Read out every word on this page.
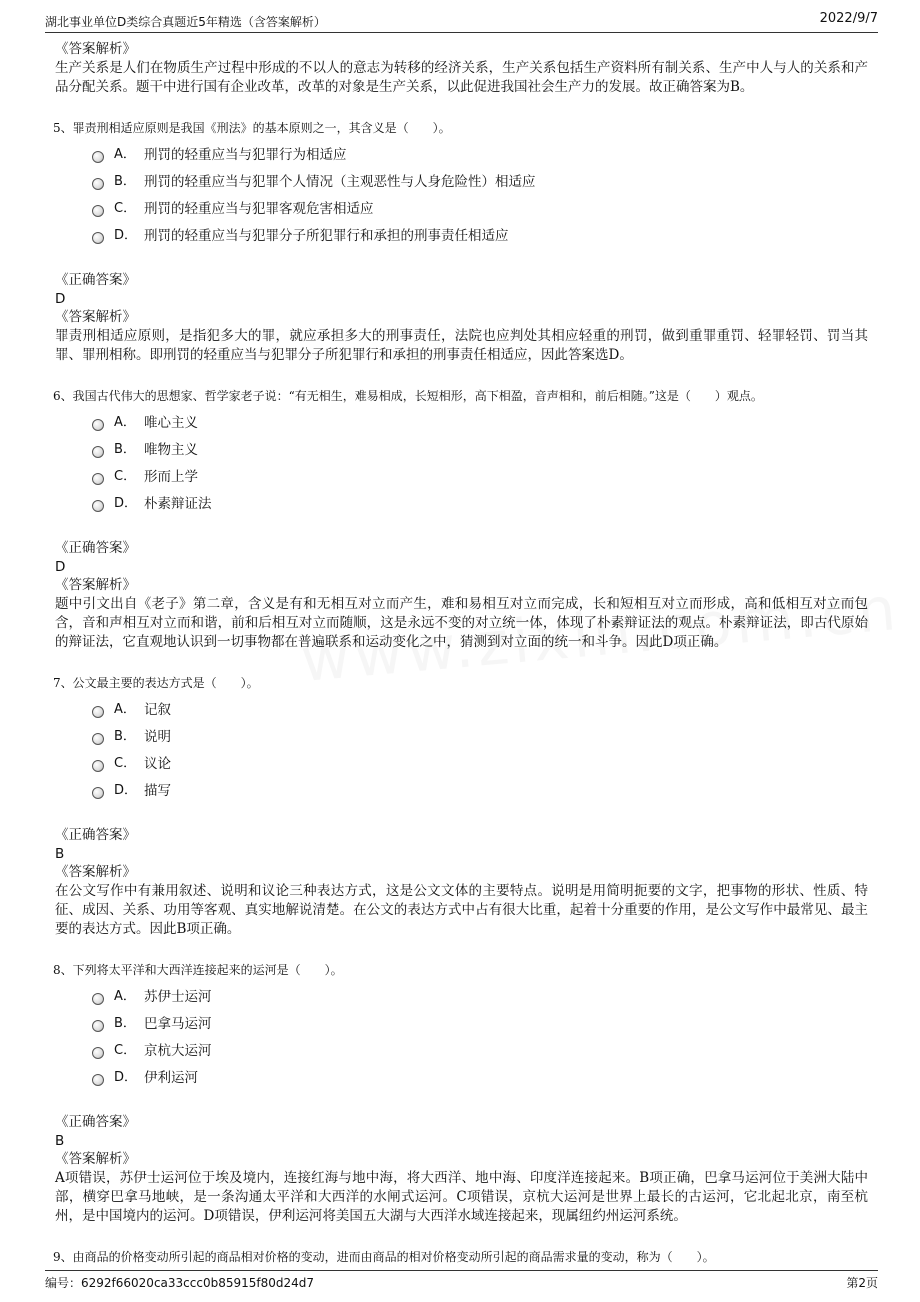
湖北事业单位D类综合真题近5年精选（含答案解析）	2022/9/7

《答案解析》

生产关系是人们在物质生产过程中形成的不以人的意志为转移的经济关系，生产关系包括生产资料所有制关系、生产中人与人的关系和产品分配关系。题干中进行国有企业改革，改革的对象是生产关系，以此促进我国社会生产力的发展。故正确答案为B。

5、罪责刑相适应原则是我国《刑法》的基本原则之一，其含义是（　　）。

A． 刑罚的轻重应当与犯罪行为相适应
B． 刑罚的轻重应当与犯罪个人情况（主观恶性与人身危险性）相适应
C． 刑罚的轻重应当与犯罪客观危害相适应
D． 刑罚的轻重应当与犯罪分子所犯罪行和承担的刑事责任相适应

《正确答案》

D

《答案解析》

罪责刑相适应原则，是指犯多大的罪，就应承担多大的刑事责任，法院也应判处其相应轻重的刑罚，做到重罪重罚、轻罪轻罚、罚当其罪、罪刑相称。即刑罚的轻重应当与犯罪分子所犯罪行和承担的刑事责任相适应，因此答案选D。

6、我国古代伟大的思想家、哲学家老子说：“有无相生，难易相成，长短相形，高下相盈，音声相和，前后相随。”这是（　　）观点。

A． 唯心主义
B． 唯物主义
C． 形而上学
D． 朴素辩证法

《正确答案》

D

《答案解析》

题中引文出自《老子》第二章，含义是有和无相互对立而产生，难和易相互对立而完成，长和短相互对立而形成，高和低相互对立而包含，音和声相互对立而和谐，前和后相互对立而随顺，这是永远不变的对立统一体，体现了朴素辩证法的观点。朴素辩证法，即古代原始的辩证法，它直观地认识到一切事物都在普遍联系和运动变化之中，猜测到对立面的统一和斗争。因此D项正确。

7、公文最主要的表达方式是（　　）。

A． 记叙
B． 说明
C． 议论
D． 描写

《正确答案》

B

《答案解析》

在公文写作中有兼用叙述、说明和议论三种表达方式，这是公文文体的主要特点。说明是用简明扼要的文字，把事物的形状、性质、特征、成因、关系、功用等客观、真实地解说清楚。在公文的表达方式中占有很大比重，起着十分重要的作用，是公文写作中最常见、最主要的表达方式。因此B项正确。

8、下列将太平洋和大西洋连接起来的运河是（　　）。

A． 苏伊士运河
B． 巴拿马运河
C． 京杭大运河
D． 伊利运河

《正确答案》

B

《答案解析》

A项错误，苏伊士运河位于埃及境内，连接红海与地中海，将大西洋、地中海、印度洋连接起来。B项正确，巴拿马运河位于美洲大陆中部，横穿巴拿马地峡，是一条沟通太平洋和大西洋的水闸式运河。C项错误，京杭大运河是世界上最长的古运河，它北起北京，南至杭州，是中国境内的运河。D项错误，伊利运河将美国五大湖与大西洋水域连接起来，现属纽约州运河系统。

9、由商品的价格变动所引起的商品相对价格的变动，进而由商品的相对价格变动所引起的商品需求量的变动，称为（　　）。

编号：6292f66020ca33ccc0b85915f80d24d7	第2页
